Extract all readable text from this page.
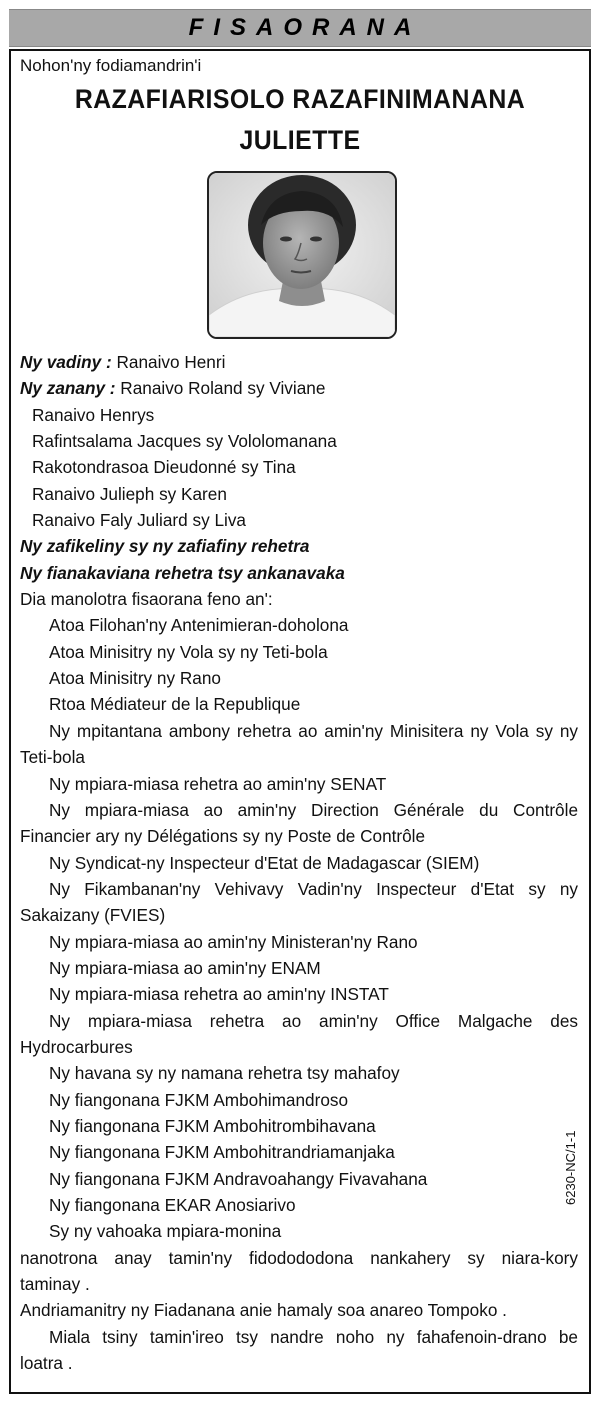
FISAORANA
Nohon'ny fodiamandrin'i
RAZAFIARISOLO RAZAFINIMANANA
JULIETTE
Ny vadiny : Ranaivo Henri
Ny zanany : Ranaivo Roland sy Viviane
Ranaivo Henrys
Rafintsalama Jacques sy Vololomanana
Rakotondrasoa Dieudonné sy Tina
Ranaivo Julieph sy Karen
Ranaivo Faly Juliard sy Liva
Ny zafikeliny sy ny zafiafiny rehetra
Ny fianakaviana rehetra tsy ankanavaka
Dia manolotra fisaorana feno an':
Atoa Filohan'ny Antenimieran-doholona
Atoa Minisitry ny Vola sy ny Teti-bola
Atoa Minisitry ny Rano
Rtoa Médiateur de la Republique
Ny mpitantana ambony rehetra ao amin'ny Minisitera ny Vola sy ny
Teti-bola
Ny mpiara-miasa rehetra ao amin'ny SENAT
Ny mpiara-miasa ao amin'ny Direction Générale du Contrôle
Financier ary ny Délégations sy ny Poste de Contrôle
Ny Syndicat-ny Inspecteur d'Etat de Madagascar (SIEM)
Ny Fikambanan'ny Vehivavy Vadin'ny Inspecteur d'Etat sy ny
Sakaizany (FVIES)
Ny mpiara-miasa ao amin'ny Ministeran'ny Rano
Ny mpiara-miasa ao amin'ny ENAM
Ny mpiara-miasa rehetra ao amin'ny INSTAT
Ny mpiara-miasa rehetra ao amin'ny Office Malgache des
Hydrocarbures
Ny havana sy ny namana rehetra tsy mahafoy
Ny fiangonana FJKM Ambohimandroso
Ny fiangonana FJKM Ambohitrombihavana
Ny fiangonana FJKM Ambohitrandriamanjaka
Ny fiangonana FJKM Andravoahangy Fivavahana
Ny fiangonana EKAR Anosiarivo
Sy ny vahoaka mpiara-monina
nanotrona anay tamin'ny fidodododona nankahery sy niara-kory
taminay .
Andriamanitry ny Fiadanana anie hamaly soa anareo Tompoko .
Miala tsiny tamin'ireo tsy nandre noho ny fahafenoin-drano be
loatra .
6230-NC/1-1
